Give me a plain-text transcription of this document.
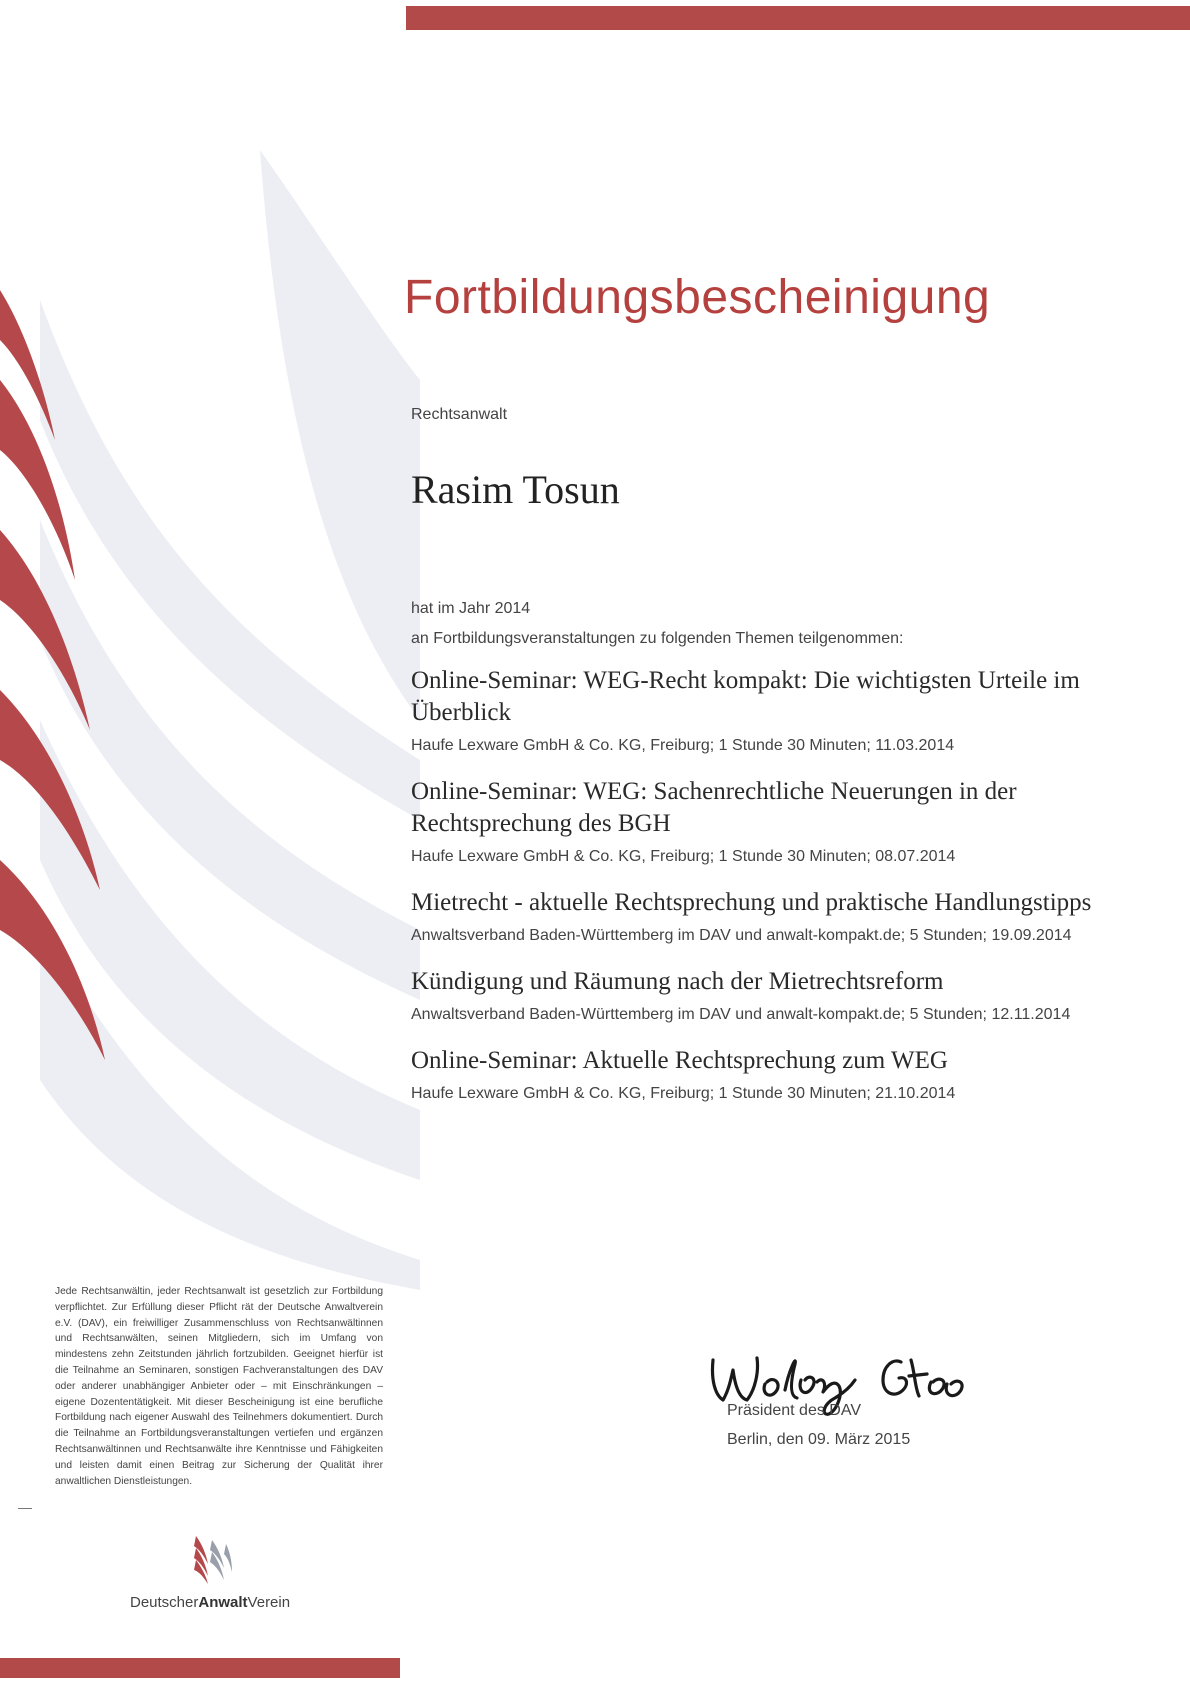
Fortbildungsbescheinigung
Rechtsanwalt
Rasim Tosun
hat im Jahr 2014
an Fortbildungsveranstaltungen zu folgenden Themen teilgenommen:
Online-Seminar: WEG-Recht kompakt: Die wichtigsten Urteile im Überblick
Haufe Lexware GmbH & Co. KG, Freiburg; 1 Stunde 30 Minuten; 11.03.2014
Online-Seminar: WEG: Sachenrechtliche Neuerungen in der Rechtsprechung des BGH
Haufe Lexware GmbH & Co. KG, Freiburg; 1 Stunde 30 Minuten; 08.07.2014
Mietrecht - aktuelle Rechtsprechung und praktische Handlungstipps
Anwaltsverband Baden-Württemberg im DAV und anwalt-kompakt.de; 5 Stunden; 19.09.2014
Kündigung und Räumung nach der Mietrechtsreform
Anwaltsverband Baden-Württemberg im DAV und anwalt-kompakt.de; 5 Stunden; 12.11.2014
Online-Seminar: Aktuelle Rechtsprechung zum WEG
Haufe Lexware GmbH & Co. KG, Freiburg; 1 Stunde 30 Minuten; 21.10.2014
Jede Rechtsanwältin, jeder Rechtsanwalt ist gesetzlich zur Fortbildung verpflichtet. Zur Erfüllung dieser Pflicht rät der Deutsche Anwaltverein e.V. (DAV), ein freiwilliger Zusammenschluss von Rechtsanwältinnen und Rechtsanwälten, seinen Mitgliedern, sich im Umfang von mindestens zehn Zeitstunden jährlich fortzubilden. Geeignet hierfür ist die Teilnahme an Seminaren, sonstigen Fachveranstaltungen des DAV oder anderer unabhängiger Anbieter oder – mit Einschränkungen – eigene Dozententätigkeit. Mit dieser Bescheinigung ist eine berufliche Fortbildung nach eigener Auswahl des Teilnehmers dokumentiert. Durch die Teilnahme an Fortbildungsveranstaltungen vertiefen und ergänzen Rechtsanwältinnen und Rechtsanwälte ihre Kenntnisse und Fähigkeiten und leisten damit einen Beitrag zur Sicherung der Qualität ihrer anwaltlichen Dienstleistungen.
Präsident des DAV
Berlin, den 09. März 2015
DeutscherAnwaltVerein
